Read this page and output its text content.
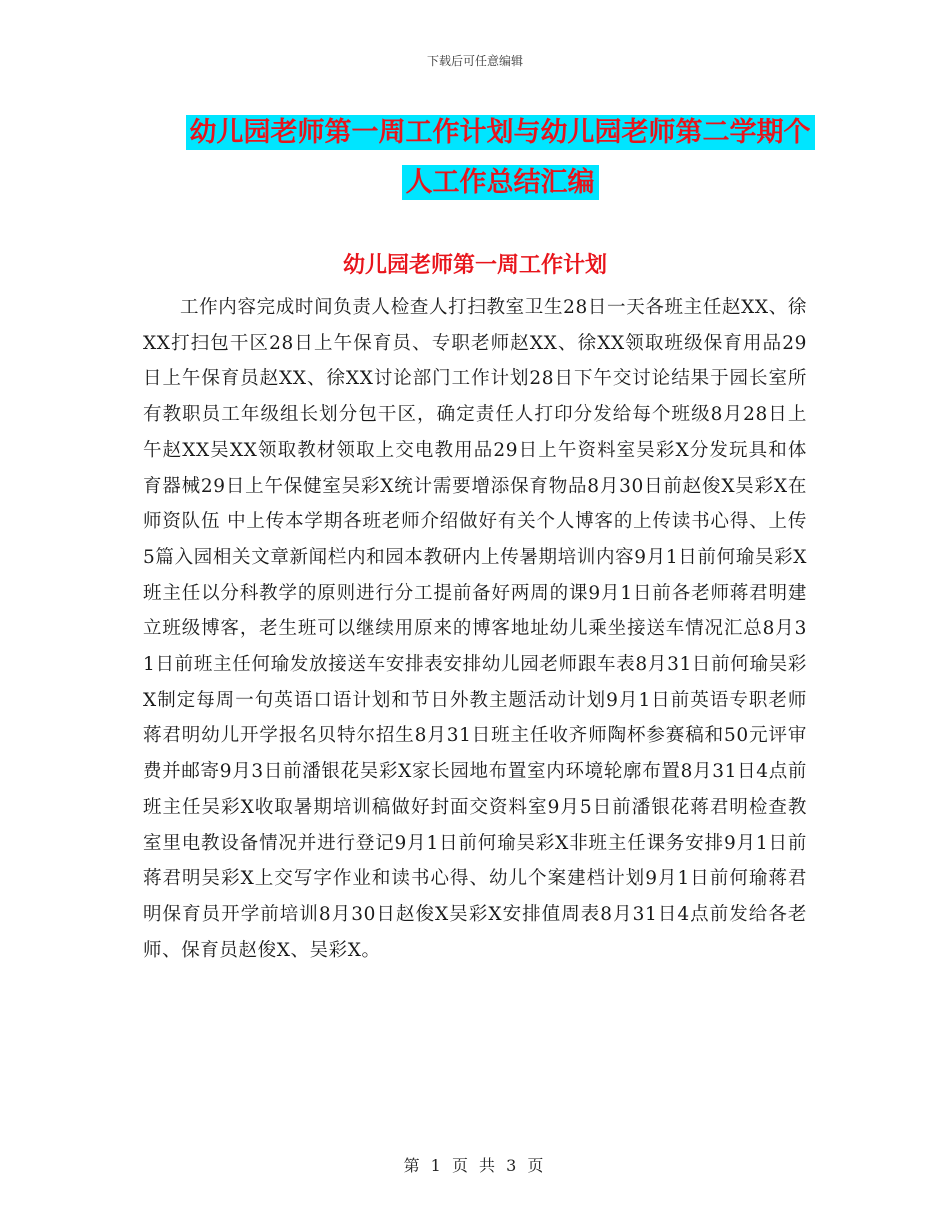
下载后可任意编辑
幼儿园老师第一周工作计划与幼儿园老师第二学期个
人工作总结汇编
幼儿园老师第一周工作计划

工作内容完成时间负责人检查人打扫教室卫生28日一天各班主任赵XX、徐XX打扫包干区28日上午保育员、专职老师赵XX、徐XX领取班级保育用品29日上午保育员赵XX、徐XX讨论部门工作计划28日下午交讨论结果于园长室所有教职员工年级组长划分包干区，确定责任人打印分发给每个班级8月28日上午赵XX吴XX领取教材领取上交电教用品29日上午资料室吴彩X分发玩具和体育器械29日上午保健室吴彩X统计需要增添保育物品8月30日前赵俊X吴彩X在 师资队伍 中上传本学期各班老师介绍做好有关个人博客的上传读书心得、上传5篇入园相关文章新闻栏内和园本教研内上传暑期培训内容9月1日前何瑜吴彩X班主任以分科教学的原则进行分工提前备好两周的课9月1日前各老师蒋君明建立班级博客，老生班可以继续用原来的博客地址幼儿乘坐接送车情况汇总8月31日前班主任何瑜发放接送车安排表安排幼儿园老师跟车表8月31日前何瑜吴彩X制定每周一句英语口语计划和节日外教主题活动计划9月1日前英语专职老师蒋君明幼儿开学报名贝特尔招生8月31日班主任收齐师陶杯参赛稿和50元评审费并邮寄9月3日前潘银花吴彩X家长园地布置室内环境轮廓布置8月31日4点前班主任吴彩X收取暑期培训稿做好封面交资料室9月5日前潘银花蒋君明检查教室里电教设备情况并进行登记9月1日前何瑜吴彩X非班主任课务安排9月1日前蒋君明吴彩X上交写字作业和读书心得、幼儿个案建档计划9月1日前何瑜蒋君明保育员开学前培训8月30日赵俊X吴彩X安排值周表8月31日4点前发给各老师、保育员赵俊X、吴彩X。

第 1 页 共 3 页
